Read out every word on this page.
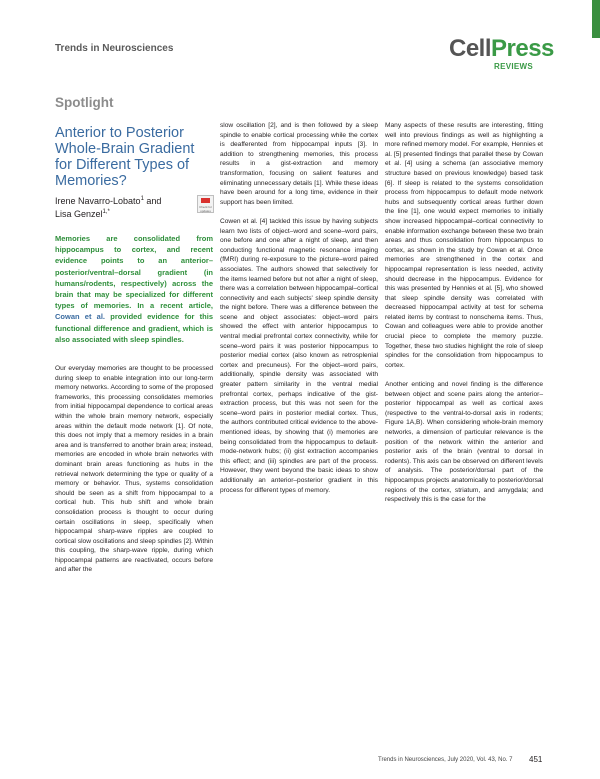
Trends in Neurosciences	CellPress
REVIEWS
Spotlight
Anterior to Posterior Whole-Brain Gradient for Different Types of Memories?
Irene Navarro-Lobato$^1$ and
Lisa Genzel$^{1,*}$
Check for updates
Memories are consolidated from hippocampus to cortex, and recent evidence points to an anterior–posterior/ventral–dorsal gradient (in humans/rodents, respectively) across the brain that may be specialized for different types of memories. In a recent article, Cowan et al. provided evidence for this functional difference and gradient, which is also associated with sleep spindles.

Our everyday memories are thought to be processed during sleep to enable integration into our long-term memory networks. According to some of the proposed frameworks, this processing consolidates memories from initial hippocampal dependence to cortical areas within the whole brain memory network, especially areas within the default mode network [1]. Of note, this does not imply that a memory resides in a brain area and is transferred to another brain area; instead, memories are encoded in whole brain networks with dominant brain areas functioning as hubs in the retrieval network determining the type or quality of a memory or behavior. Thus, systems consolidation should be seen as a shift from hippocampal to a cortical hub. This hub shift and whole brain consolidation process is thought to occur during certain oscillations in sleep, specifically when hippocampal sharp-wave ripples are coupled to cortical slow oscillations and sleep spindles [2]. Within this coupling, the sharp-wave ripple, during which hippocampal patterns are reactivated, occurs before and after the

slow oscillation [2], and is then followed by a sleep spindle to enable cortical processing while the cortex is deafferented from hippocampal inputs [3]. In addition to strengthening memories, this process results in a gist-extraction and memory transformation, focusing on salient features and eliminating unnecessary details [1]. While these ideas have been around for a long time, evidence in their support has been limited.

Cowen et al. [4] tackled this issue by having subjects learn two lists of object–word and scene–word pairs, one before and one after a night of sleep, and then conducting functional magnetic resonance imaging (fMRI) during re-exposure to the picture–word paired associates. The authors showed that selectively for the items learned before but not after a night of sleep, there was a correlation between hippocampal–cortical connectivity and each subjects' sleep spindle density the night before. There was a difference between the scene and object associates: object–word pairs showed the effect with anterior hippocampus to ventral medial prefrontal cortex connectivity, while for scene–word pairs it was posterior hippocampus to posterior medial cortex (also known as retrosplenial cortex and precuneus). For the object–word pairs, additionally, spindle density was associated with greater pattern similarity in the ventral medial prefrontal cortex, perhaps indicative of the gist-extraction process, but this was not seen for the scene–word pairs in posterior medial cortex. Thus, the authors contributed critical evidence to the above-mentioned ideas, by showing that (i) memories are being consolidated from the hippocampus to default-mode-network hubs; (ii) gist extraction accompanies this effect; and (iii) spindles are part of the process. However, they went beyond the basic ideas to show additionally an anterior–posterior gradient in this process for different types of memory.

Many aspects of these results are interesting, fitting well into previous findings as well as highlighting a more refined memory model. For example, Hennies et al. [5] presented findings that parallel these by Cowan et al. [4] using a schema (an associative memory structure based on previous knowledge) based task [6]. If sleep is related to the systems consolidation process from hippocampus to default mode network hubs and subsequently cortical areas further down the line [1], one would expect memories to initially show increased hippocampal–cortical connectivity to enable information exchange between these two brain areas and thus consolidation from hippocampus to cortex, as shown in the study by Cowan et al. Once memories are strengthened in the cortex and hippocampal representation is less needed, activity should decrease in the hippocampus. Evidence for this was presented by Hennies et al. [5], who showed that sleep spindle density was correlated with decreased hippocampal activity at test for schema related items by contrast to nonschema items. Thus, Cowan and colleagues were able to provide another crucial piece to complete the memory puzzle. Together, these two studies highlight the role of sleep spindles for the consolidation from hippocampus to cortex.

Another enticing and novel finding is the difference between object and scene pairs along the anterior–posterior hippocampal as well as cortical axes (respective to the ventral-to-dorsal axis in rodents; Figure 1A,B). When considering whole-brain memory networks, a dimension of particular relevance is the position of the network within the anterior and posterior axis of the brain (ventral to dorsal in rodents). This axis can be observed on different levels of analysis. The posterior/dorsal part of the hippocampus projects anatomically to posterior/dorsal regions of the cortex, striatum, and amygdala; and respectively this is the case for the

Trends in Neurosciences, July 2020, Vol. 43, No. 7 451
